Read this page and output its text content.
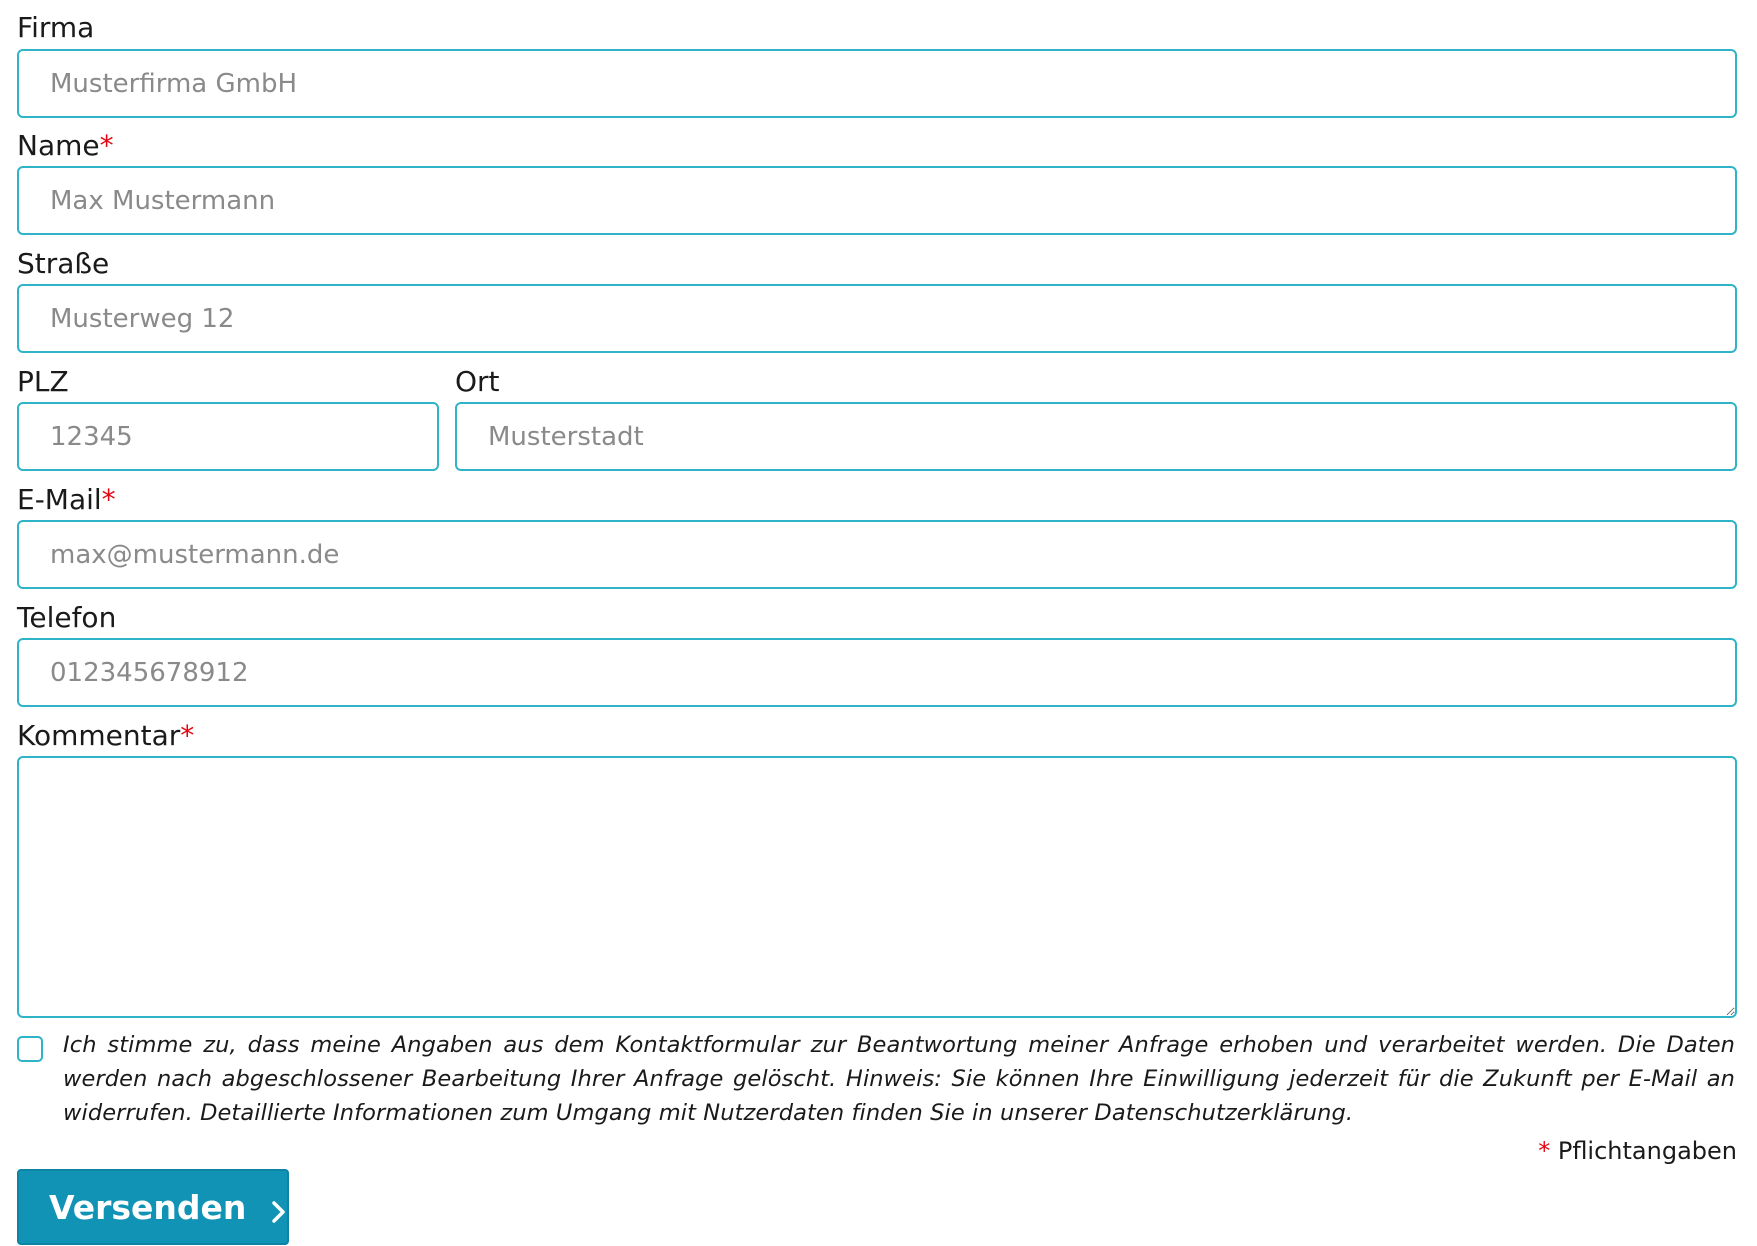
Firma
Musterfirma GmbH
Name*
Max Mustermann
Straße
Musterweg 12
PLZ
12345	Ort
Musterstadt
E-Mail*
max@mustermann.de
Telefon
012345678912
Kommentar*
Ich stimme zu, dass meine Angaben aus dem Kontaktformular zur Beantwortung meiner Anfrage erhoben und verarbeitet werden. Die Daten werden nach abgeschlossener Bearbeitung Ihrer Anfrage gelöscht. Hinweis: Sie können Ihre Einwilligung jederzeit für die Zukunft per E-Mail an widerrufen. Detaillierte Informationen zum Umgang mit Nutzerdaten finden Sie in unserer Datenschutzerklärung.
* Pflichtangaben
Versenden
